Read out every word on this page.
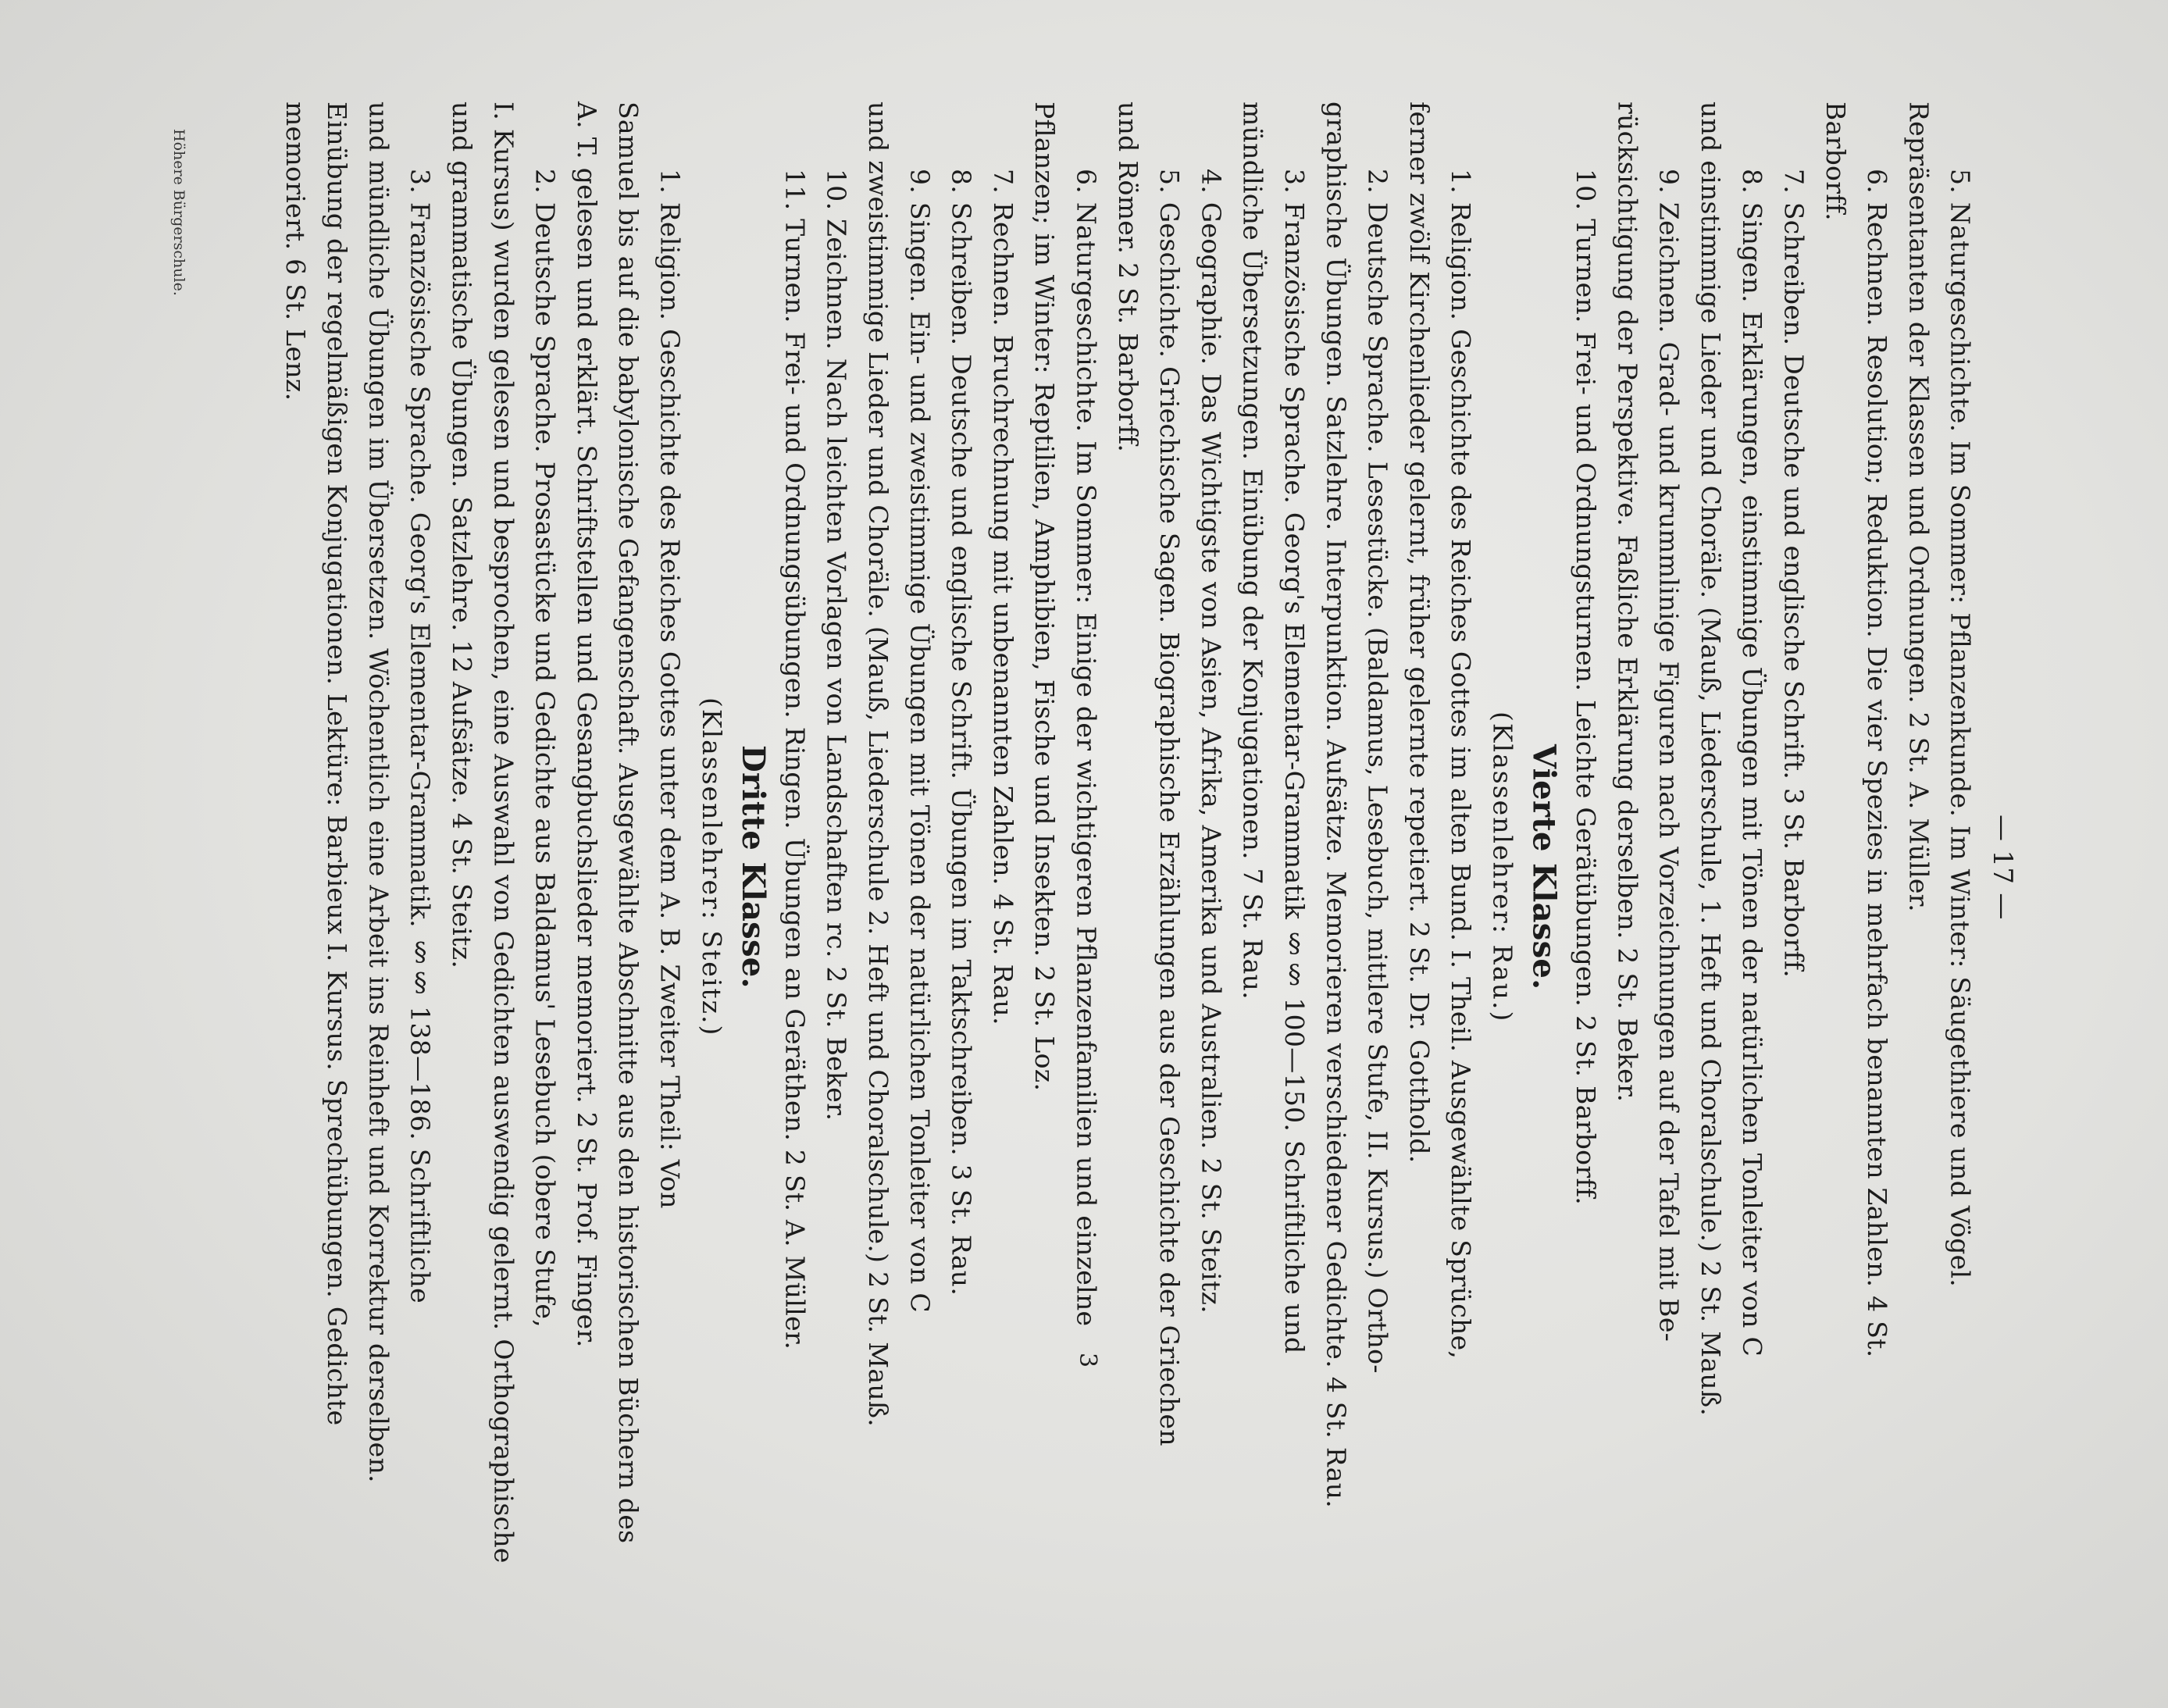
— 17 —

5. Naturgeschichte. Im Sommer: Pflanzenkunde. Im Winter: Säugethiere und Vögel.

Repräsentanten der Klassen und Ordnungen. 2 St. A. Müller.

6. Rechnen. Resolution; Reduktion. Die vier Spezies in mehrfach benannten Zahlen. 4 St.

Barborff.

7. Schreiben. Deutsche und englische Schrift. 3 St. Barborff.

8. Singen. Erklärungen, einstimmige Übungen mit Tönen der natürlichen Tonleiter von C

und einstimmige Lieder und Choräle. (Mauß, Liederschule, 1. Heft und Choralschule.) 2 St. Mauß.

9. Zeichnen. Grad- und krummlinige Figuren nach Vorzeichnungen auf der Tafel mit Be-

rücksichtigung der Perspektive. Faßliche Erklärung derselben. 2 St. Beker.

10. Turnen. Frei- und Ordnungsturnen. Leichte Gerätübungen. 2 St. Barborff.

Vierte Klasse.

(Klassenlehrer: Rau.)

1. Religion. Geschichte des Reiches Gottes im alten Bund. I. Theil. Ausgewählte Sprüche,

ferner zwölf Kirchenlieder gelernt, früher gelernte repetiert. 2 St. Dr. Gotthold.

2. Deutsche Sprache. Lesestücke. (Baldamus, Lesebuch, mittlere Stufe, II. Kursus.) Ortho-

graphische Übungen. Satzlehre. Interpunktion. Aufsätze. Memorieren verschiedener Gedichte. 4 St. Rau.

3. Französische Sprache. Georg's Elementar-Grammatik §§ 100—150. Schriftliche und

mündliche Übersetzungen. Einübung der Konjugationen. 7 St. Rau.

4. Geographie. Das Wichtigste von Asien, Afrika, Amerika und Australien. 2 St. Steitz.

5. Geschichte. Griechische Sagen. Biographische Erzählungen aus der Geschichte der Griechen

und Römer. 2 St. Barborff.

6. Naturgeschichte. Im Sommer: Einige der wichtigeren Pflanzenfamilien und einzelne

Pflanzen; im Winter: Reptilien, Amphibien, Fische und Insekten. 2 St. Loz.

7. Rechnen. Bruchrechnung mit unbenannten Zahlen. 4 St. Rau.

8. Schreiben. Deutsche und englische Schrift. Übungen im Taktschreiben. 3 St. Rau.

9. Singen. Ein- und zweistimmige Übungen mit Tönen der natürlichen Tonleiter von C

und zweistimmige Lieder und Choräle. (Mauß, Liederschule 2. Heft und Choralschule.) 2 St. Mauß.

10. Zeichnen. Nach leichten Vorlagen von Landschaften rc. 2 St. Beker.

11. Turnen. Frei- und Ordnungsübungen. Ringen. Übungen an Geräthen. 2 St. A. Müller.

Dritte Klasse.

(Klassenlehrer: Steitz.)

1. Religion. Geschichte des Reiches Gottes unter dem A. B. Zweiter Theil: Von

Samuel bis auf die babylonische Gefangenschaft. Ausgewählte Abschnitte aus den historischen Büchern des

A. T. gelesen und erklärt. Schriftstellen und Gesangbuchslieder memoriert. 2 St. Prof. Finger.

2. Deutsche Sprache. Prosastücke und Gedichte aus Baldamus' Lesebuch (obere Stufe,

I. Kursus) wurden gelesen und besprochen, eine Auswahl von Gedichten auswendig gelernt. Orthographische

und grammatische Übungen. Satzlehre. 12 Aufsätze. 4 St. Steitz.

3. Französische Sprache. Georg's Elementar-Grammatik. §§ 138—186. Schriftliche

und mündliche Übungen im Übersetzen. Wöchentlich eine Arbeit ins Reinheft und Korrektur derselben.

Einübung der regelmäßigen Konjugationen. Lektüre: Barbieux I. Kursus. Sprechübungen. Gedichte

memoriert. 6 St. Lenz.

Höhere Bürgerschule.
3
